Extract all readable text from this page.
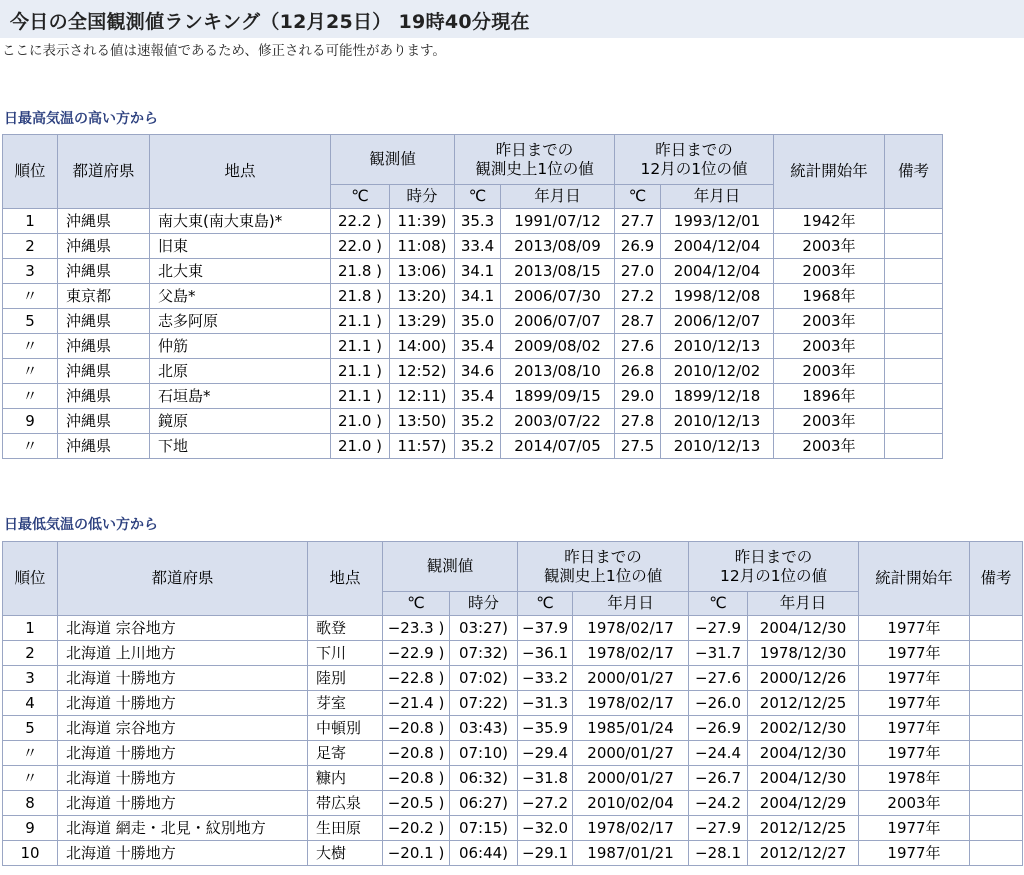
今日の全国観測値ランキング（12月25日） 19時40分現在
ここに表示される値は速報値であるため、修正される可能性があります。
日最高気温の高い方から
順位	都道府県	地点	観測値		昨日までの
観測史上1位の値		昨日までの
12月の1位の値		統計開始年	備考
			℃	時分	℃	年月日	℃	年月日		
1	沖縄県	南大東(南大東島)*	22.2 )	11:39)	35.3	1991/07/12	27.7	1993/12/01	1942年	
2	沖縄県	旧東	22.0 )	11:08)	33.4	2013/08/09	26.9	2004/12/04	2003年	
3	沖縄県	北大東	21.8 )	13:06)	34.1	2013/08/15	27.0	2004/12/04	2003年	
〃	東京都	父島*	21.8 )	13:20)	34.1	2006/07/30	27.2	1998/12/08	1968年	
5	沖縄県	志多阿原	21.1 )	13:29)	35.0	2006/07/07	28.7	2006/12/07	2003年	
〃	沖縄県	仲筋	21.1 )	14:00)	35.4	2009/08/02	27.6	2010/12/13	2003年	
〃	沖縄県	北原	21.1 )	12:52)	34.6	2013/08/10	26.8	2010/12/02	2003年	
〃	沖縄県	石垣島*	21.1 )	12:11)	35.4	1899/09/15	29.0	1899/12/18	1896年	
9	沖縄県	鏡原	21.0 )	13:50)	35.2	2003/07/22	27.8	2010/12/13	2003年	
〃	沖縄県	下地	21.0 )	11:57)	35.2	2014/07/05	27.5	2010/12/13	2003年	
日最低気温の低い方から
順位	都道府県	地点	観測値		昨日までの
観測史上1位の値		昨日までの
12月の1位の値		統計開始年	備考
			℃	時分	℃	年月日	℃	年月日		
1	北海道 宗谷地方	歌登	−23.3 )	03:27)	−37.9	1978/02/17	−27.9	2004/12/30	1977年	
2	北海道 上川地方	下川	−22.9 )	07:32)	−36.1	1978/02/17	−31.7	1978/12/30	1977年	
3	北海道 十勝地方	陸別	−22.8 )	07:02)	−33.2	2000/01/27	−27.6	2000/12/26	1977年	
4	北海道 十勝地方	芽室	−21.4 )	07:22)	−31.3	1978/02/17	−26.0	2012/12/25	1977年	
5	北海道 宗谷地方	中頓別	−20.8 )	03:43)	−35.9	1985/01/24	−26.9	2002/12/30	1977年	
〃	北海道 十勝地方	足寄	−20.8 )	07:10)	−29.4	2000/01/27	−24.4	2004/12/30	1977年	
〃	北海道 十勝地方	糠内	−20.8 )	06:32)	−31.8	2000/01/27	−26.7	2004/12/30	1978年	
8	北海道 十勝地方	帯広泉	−20.5 )	06:27)	−27.2	2010/02/04	−24.2	2004/12/29	2003年	
9	北海道 網走・北見・紋別地方	生田原	−20.2 )	07:15)	−32.0	1978/02/17	−27.9	2012/12/25	1977年	
10	北海道 十勝地方	大樹	−20.1 )	06:44)	−29.1	1987/01/21	−28.1	2012/12/27	1977年	
